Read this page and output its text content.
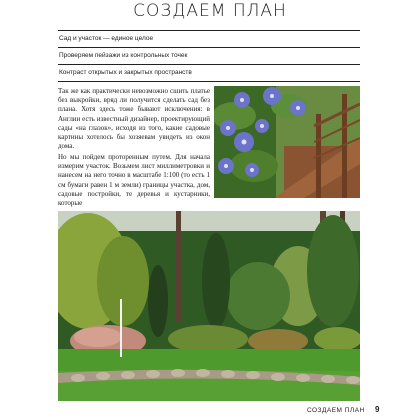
СОЗДАЕМ ПЛАН
Сад и участок — единое целое
Проверяем пейзажи из контрольных точек
Контраст открытых и закрытых пространств
Так же как практически невозможно сшить платье без выкройки, вряд ли получится сделать сад без плана. Хотя здесь тоже бывают исключения: в Англии есть известный дизайнер, проектирующий сады «на глазок», исходя из того, какие садовые картины хотелось бы хозяевам увидеть из окон дома.
Но мы пойдем проторенным путем. Для начала измерим участок. Возьмем лист миллиметровки и нанесем на него точно в масштабе 1:100 (то есть 1 см бумаги равен 1 м земли) границы участка, дом, садовые постройки, те деревья и кустарники, которые
СОЗДАЕМ ПЛАН 9
